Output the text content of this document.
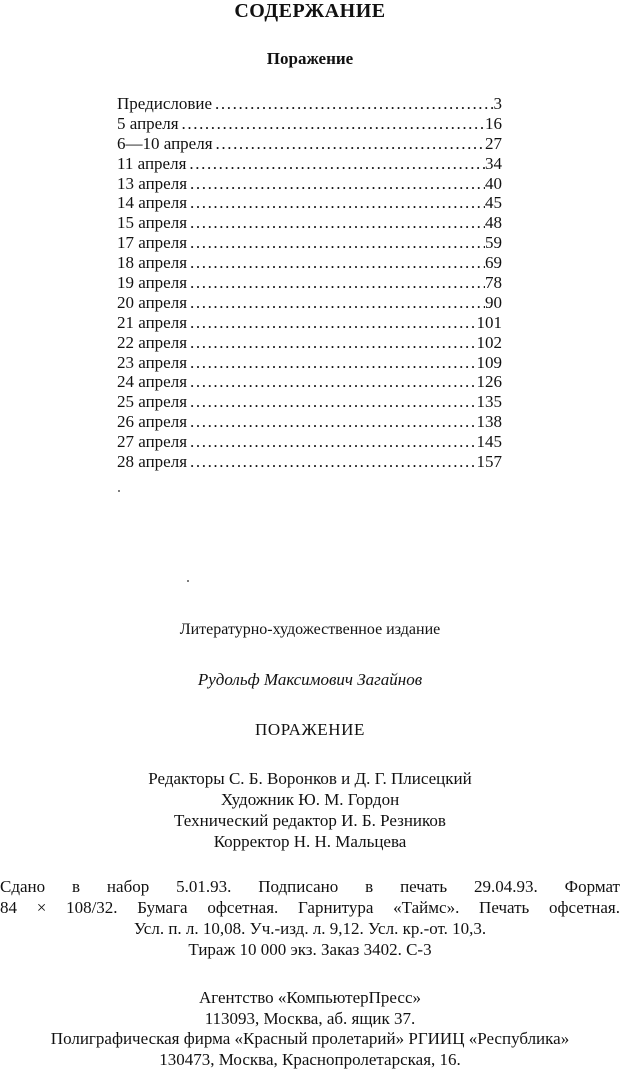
СОДЕРЖАНИЕ
Поражение
Предисловие .....	3
5 апреля .....	16
6—10 апреля .....	27
11 апреля .....	34
13 апреля .....	40
14 апреля .....	45
15 апреля .....	48
17 апреля .....	59
18 апреля .....	69
19 апреля .....	78
20 апреля .....	90
21 апреля .....	101
22 апреля .....	102
23 апреля .....	109
24 апреля .....	126
25 апреля .....	135
26 апреля .....	138
27 апреля .....	145
28 апреля .....	157
Литературно-художественное издание
Рудольф Максимович Загайнов
ПОРАЖЕНИЕ
Редакторы С. Б. Воронков и Д. Г. Плисецкий
Художник Ю. М. Гордон
Технический редактор И. Б. Резников
Корректор Н. Н. Мальцева
Сдано в набор 5.01.93. Подписано в печать 29.04.93. Формат
84 × 108/32. Бумага офсетная. Гарнитура «Таймс». Печать офсетная.
Усл. п. л. 10,08. Уч.-изд. л. 9,12. Усл. кр.-от. 10,3.
Тираж 10 000 экз. Заказ 3402. С-3
Агентство «КомпьютерПресс»
113093, Москва, аб. ящик 37.
Полиграфическая фирма «Красный пролетарий» РГИИЦ «Республика»
130473, Москва, Краснопролетарская, 16.
